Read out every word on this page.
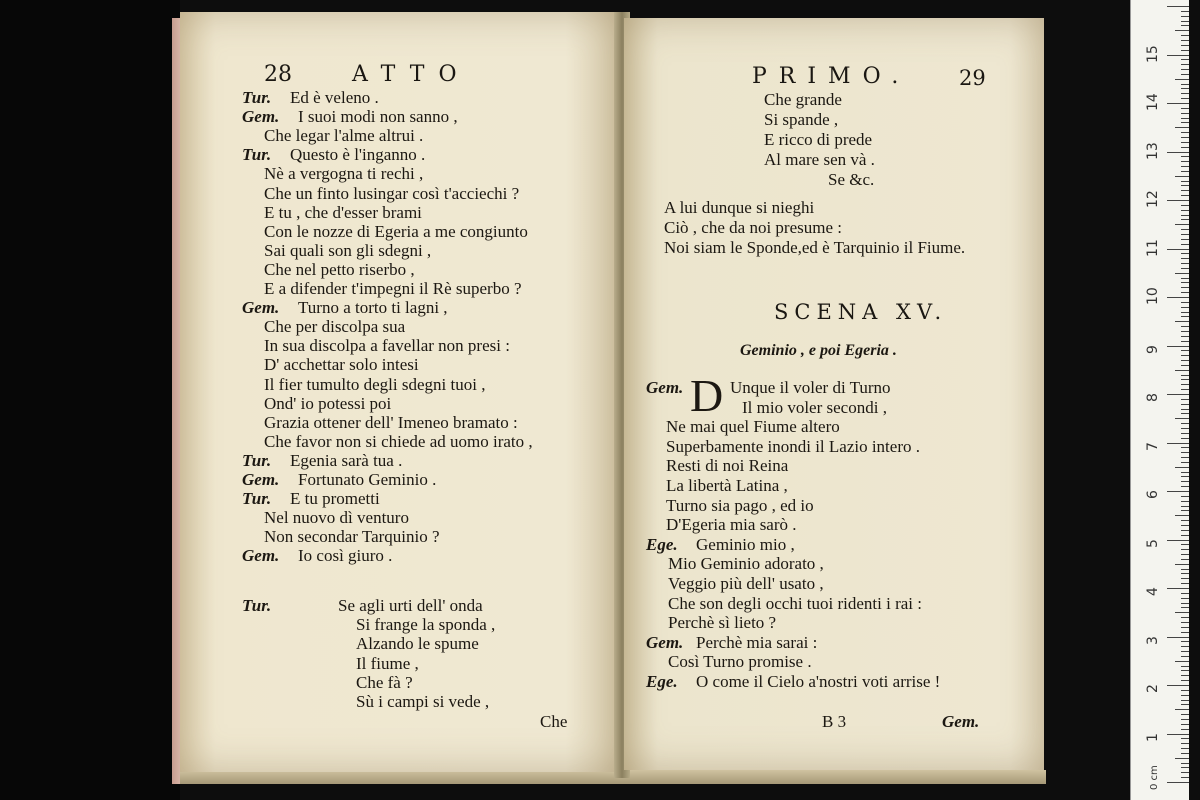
28	ATTO
Tur. Ed è veleno .
Gem. I suoi modi non sanno ,
Che legar l'alme altrui .
Tur. Questo è l'inganno .
Nè a vergogna ti rechi ,
Che un finto lusingar così t'acciechi ?
E tu , che d'esser brami
Con le nozze di Egeria a me congiunto
Sai quali son gli sdegni ,
Che nel petto riserbo ,
E a difender t'impegni il Rè superbo ?
Gem. Turno a torto ti lagni ,
Che per discolpa sua
In sua discolpa a favellar non presi :
D' acchettar solo intesi
Il fier tumulto degli sdegni tuoi ,
Ond' io potessi poi
Grazia ottener dell' Imeneo bramato :
Che favor non si chiede ad uomo irato ,
Tur. Egenia sarà tua .
Gem. Fortunato Geminio .
Tur. E tu prometti
Nel nuovo dì venturo
Non secondar Tarquinio ?
Gem. Io così giuro .
Tur.	Se agli urti dell' onda
Si frange la sponda ,
Alzando le spume
Il fiume ,
Che fà ?
Sù i campi si vede ,
Che
PRIMO. 29
Che grande
Si spande ,
E ricco di prede
Al mare sen và .
Se &c.
A lui dunque si nieghi
Ciò , che da noi presume :
Noi siam le Sponde,ed è Tarquinio il Fiume.
SCENA XV.
Geminio , e poi Egeria .
D
Gem.	Unque il voler di Turno
Il mio voler secondi ,
Ne mai quel Fiume altero
Superbamente inondi il Lazio intero .
Resti di noi Reina
La libertà Latina ,
Turno sia pago , ed io
D'Egeria mia sarò .
Ege. Geminio mio ,
Mio Geminio adorato ,
Veggio più dell' usato ,
Che son degli occhi tuoi ridenti i rai :
Perchè sì lieto ?
Gem. Perchè mia sarai :
Così Turno promise .
Ege. O come il Cielo a'nostri voti arrise !
B 3	Gem.
1
2
3
4
5
6
7
8
9
10
11
12
13
14
15
0 cm
